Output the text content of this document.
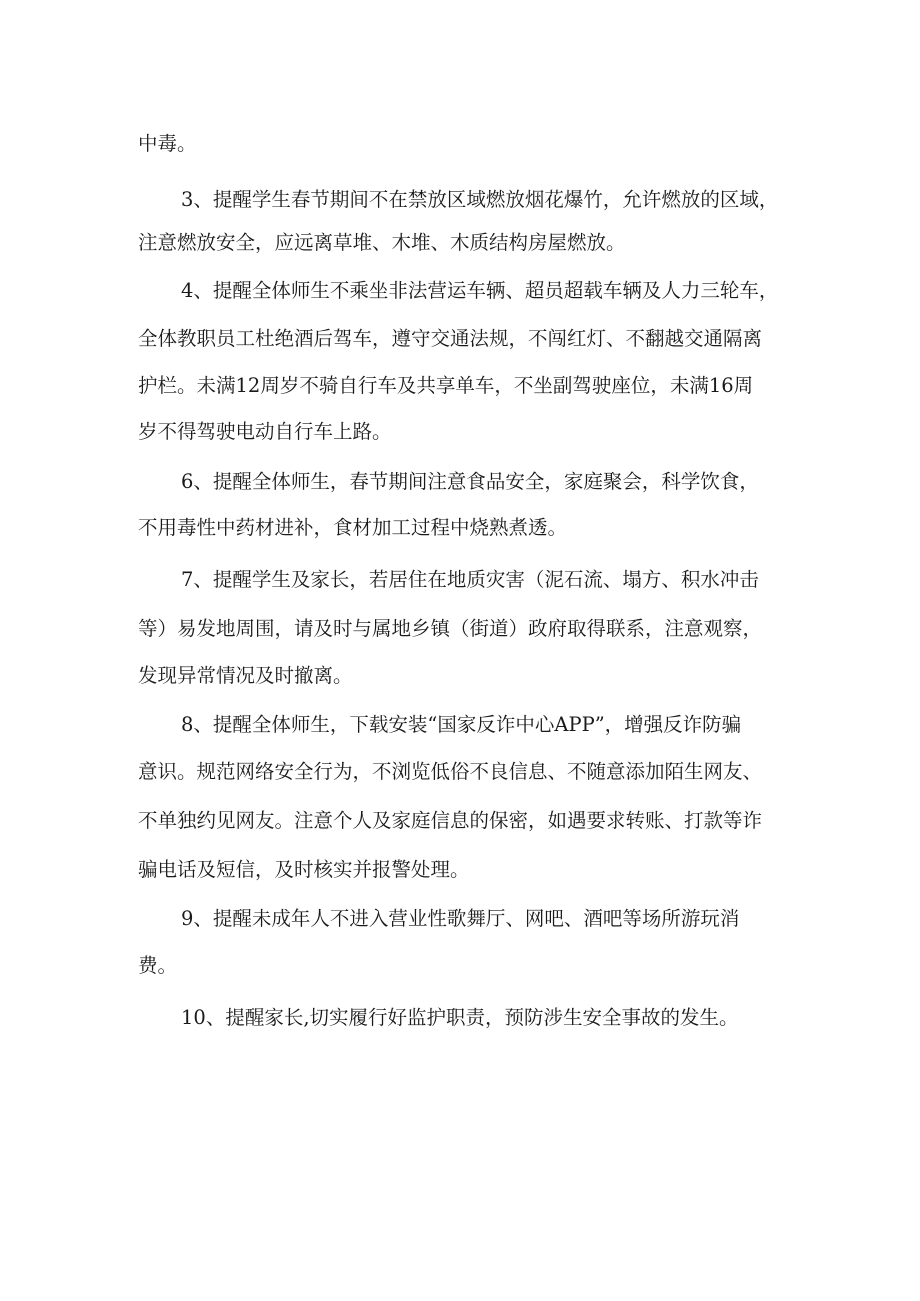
中毒。
3、提醒学生春节期间不在禁放区域燃放烟花爆竹，允许燃放的区域，
注意燃放安全，应远离草堆、木堆、木质结构房屋燃放。
4、提醒全体师生不乘坐非法营运车辆、超员超载车辆及人力三轮车，
全体教职员工杜绝酒后驾车，遵守交通法规，不闯红灯、不翻越交通隔离
护栏。未满12周岁不骑自行车及共享单车，不坐副驾驶座位，未满16周
岁不得驾驶电动自行车上路。
6、提醒全体师生，春节期间注意食品安全，家庭聚会，科学饮食，
不用毒性中药材进补，食材加工过程中烧熟煮透。
7、提醒学生及家长，若居住在地质灾害（泥石流、塌方、积水冲击
等）易发地周围，请及时与属地乡镇（街道）政府取得联系，注意观察，
发现异常情况及时撤离。
8、提醒全体师生，下载安装“国家反诈中心APP”，增强反诈防骗
意识。规范网络安全行为，不浏览低俗不良信息、不随意添加陌生网友、
不单独约见网友。注意个人及家庭信息的保密，如遇要求转账、打款等诈
骗电话及短信，及时核实并报警处理。
9、提醒未成年人不进入营业性歌舞厅、网吧、酒吧等场所游玩消
费。
10、提醒家长,切实履行好监护职责，预防涉生安全事故的发生。
